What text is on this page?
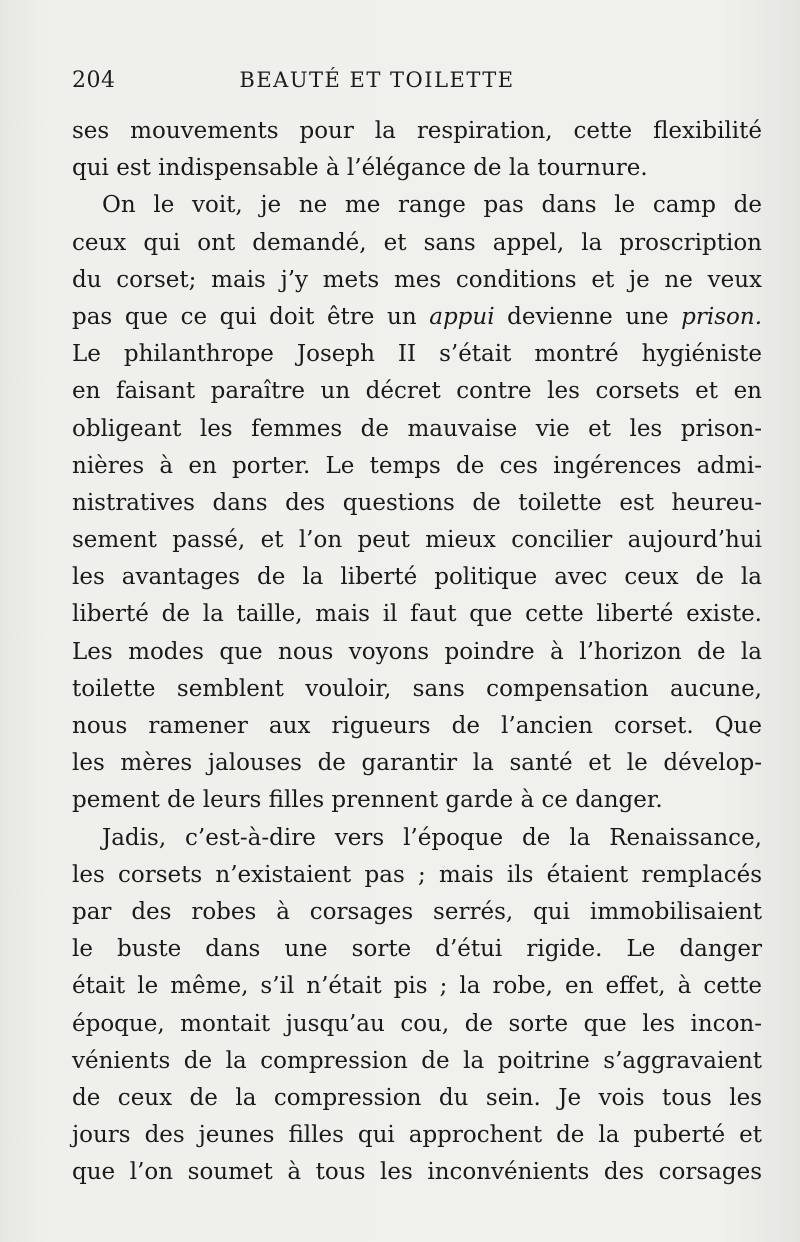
204	BEAUTÉ ET TOILETTE
ses mouvements pour la respiration, cette flexibilité
qui est indispensable à l’élégance de la tournure.
On le voit, je ne me range pas dans le camp de
ceux qui ont demandé, et sans appel, la proscription
du corset; mais j’y mets mes conditions et je ne veux
pas que ce qui doit être un appui devienne une prison.
Le philanthrope Joseph II s’était montré hygiéniste
en faisant paraître un décret contre les corsets et en
obligeant les femmes de mauvaise vie et les prison-
nières à en porter. Le temps de ces ingérences admi-
nistratives dans des questions de toilette est heureu-
sement passé, et l’on peut mieux concilier aujourd’hui
les avantages de la liberté politique avec ceux de la
liberté de la taille, mais il faut que cette liberté existe.
Les modes que nous voyons poindre à l’horizon de la
toilette semblent vouloir, sans compensation aucune,
nous ramener aux rigueurs de l’ancien corset. Que
les mères jalouses de garantir la santé et le dévelop-
pement de leurs filles prennent garde à ce danger.
Jadis, c’est-à-dire vers l’époque de la Renaissance,
les corsets n’existaient pas ; mais ils étaient remplacés
par des robes à corsages serrés, qui immobilisaient
le buste dans une sorte d’étui rigide. Le danger
était le même, s’il n’était pis ; la robe, en effet, à cette
époque, montait jusqu’au cou, de sorte que les incon-
vénients de la compression de la poitrine s’aggravaient
de ceux de la compression du sein. Je vois tous les
jours des jeunes filles qui approchent de la puberté et
que l’on soumet à tous les inconvénients des corsages
